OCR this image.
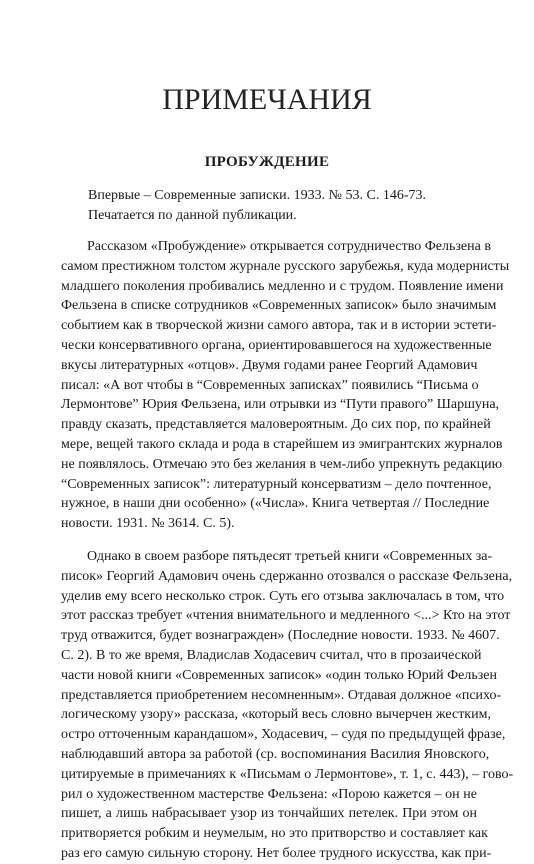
ПРИМЕЧАНИЯ
ПРОБУЖДЕНИЕ
Впервые – Современные записки. 1933. № 53. С. 146-73.
Печатается по данной публикации.
Рассказом «Пробуждение» открывается сотрудничество Фельзена в
самом престижном толстом журнале русского зарубежья, куда модернисты
младшего поколения пробивались медленно и с трудом. Появление имени
Фельзена в списке сотрудников «Современных записок» было значимым
событием как в творческой жизни самого автора, так и в истории эстети-
чески консервативного органа, ориентировавшегося на художественные
вкусы литературных «отцов». Двумя годами ранее Георгий Адамович
писал: «А вот чтобы в “Современных записках” появились “Письма о
Лермонтове” Юрия Фельзена, или отрывки из “Пути правого” Шаршуна,
правду сказать, представляется маловероятным. До сих пор, по крайней
мере, вещей такого склада и рода в старейшем из эмигрантских журналов
не появлялось. Отмечаю это без желания в чем-либо упрекнуть редакцию
“Современных записок”: литературный консерватизм – дело почтенное,
нужное, в наши дни особенно» («Числа». Книга четвертая // Последние
новости. 1931. № 3614. С. 5).
Однако в своем разборе пятьдесят третьей книги «Современных за-
писок» Георгий Адамович очень сдержанно отозвался о рассказе Фельзена,
уделив ему всего несколько строк. Суть его отзыва заключалась в том, что
этот рассказ требует «чтения внимательного и медленного <...> Кто на этот
труд отважится, будет вознагражден» (Последние новости. 1933. № 4607.
С. 2). В то же время, Владислав Ходасевич считал, что в прозаической
части новой книги «Современных записок» «один только Юрий Фельзен
представляется приобретением несомненным». Отдавая должное «психо-
логическому узору» рассказа, «который весь словно вычерчен жестким,
остро отточенным карандашом», Ходасевич, – судя по предыдущей фразе,
наблюдавший автора за работой (ср. воспоминания Василия Яновского,
цитируемые в примечаниях к «Письмам о Лермонтове», т. 1, с. 443), – гово-
рил о художественном мастерстве Фельзена: «Порою кажется – он не
пишет, а лишь набрасывает узор из тончайших петелек. При этом он
притворяется робким и неумелым, но это притворство и составляет как
раз его самую сильную сторону. Нет более трудного искусства, как при-
